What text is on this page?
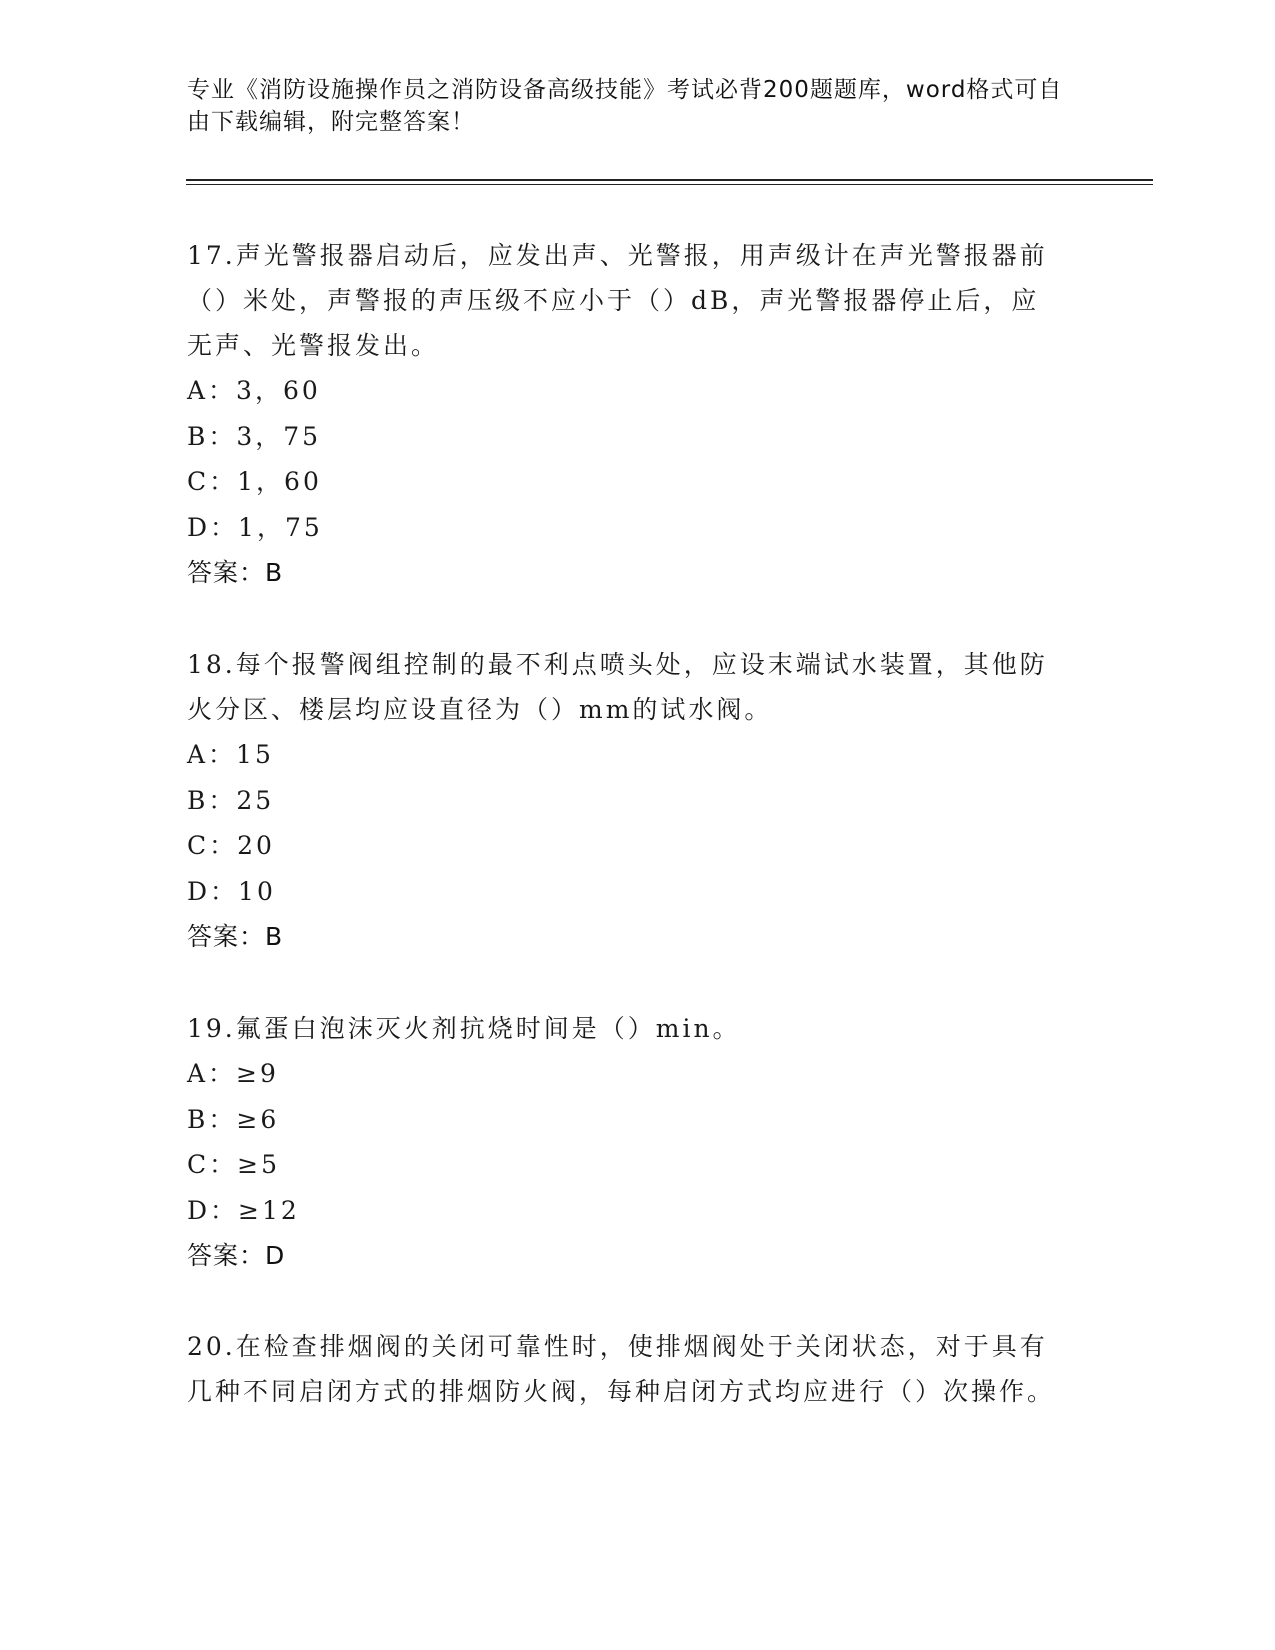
专业《消防设施操作员之消防设备高级技能》考试必背200题题库，word格式可自由下载编辑，附完整答案！
17.声光警报器启动后，应发出声、光警报，用声级计在声光警报器前（）米处，声警报的声压级不应小于（）dB，声光警报器停止后，应无声、光警报发出。
A：3，60
B：3，75
C：1，60
D：1，75
答案：B
18.每个报警阀组控制的最不利点喷头处，应设末端试水装置，其他防火分区、楼层均应设直径为（）mm的试水阀。
A：15
B：25
C：20
D：10
答案：B
19.氟蛋白泡沫灭火剂抗烧时间是（）min。
A：≥9
B：≥6
C：≥5
D：≥12
答案：D
20.在检查排烟阀的关闭可靠性时，使排烟阀处于关闭状态，对于具有几种不同启闭方式的排烟防火阀，每种启闭方式均应进行（）次操作。
